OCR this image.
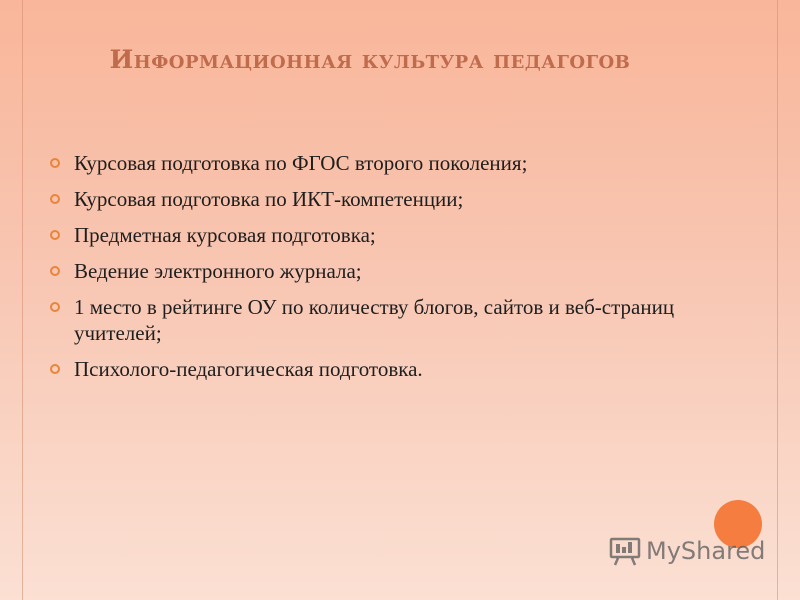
Информационная культура педагогов
Курсовая подготовка по ФГОС второго поколения;
Курсовая подготовка по ИКТ-компетенции;
Предметная курсовая подготовка;
Ведение электронного журнала;
1 место в рейтинге ОУ по количеству блогов, сайтов и веб-страниц учителей;
Психолого-педагогическая подготовка.
MyShared
